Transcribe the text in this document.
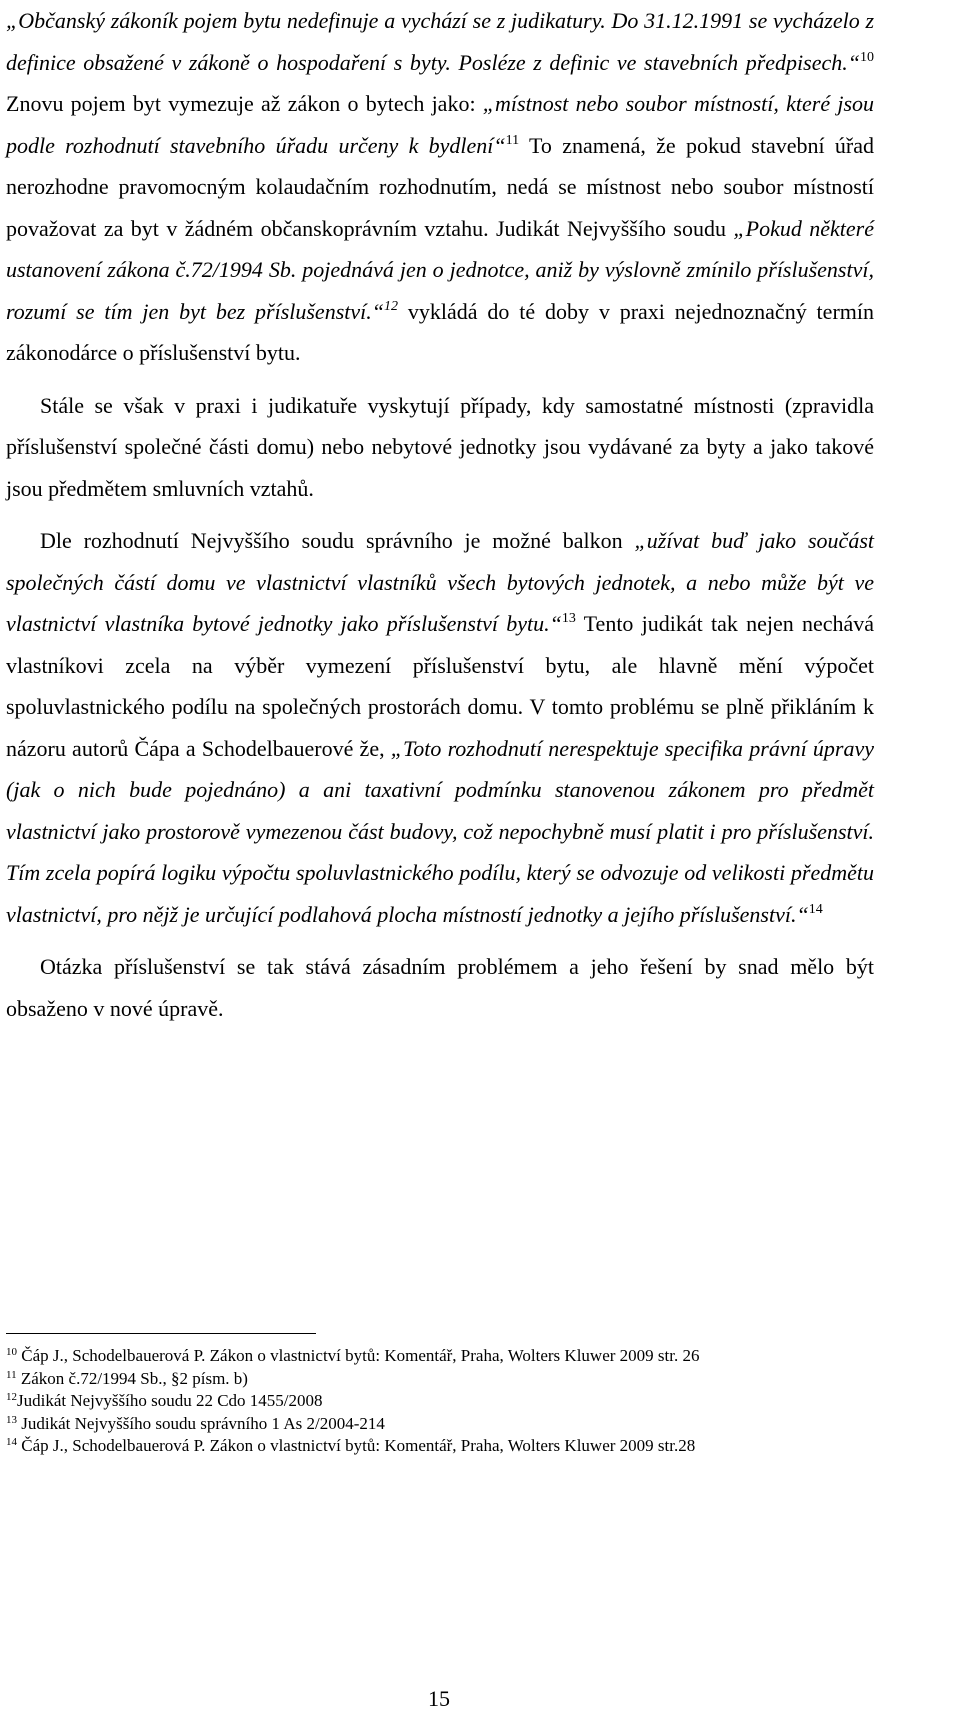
„Občanský zákoník pojem bytu nedefinuje a vychází se z judikatury. Do 31.12.1991 se vycházelo z definice obsažené v zákoně o hospodaření s byty. Posléze z definic ve stavebních předpisech.“$^{10}$ Znovu pojem byt vymezuje až zákon o bytech jako: „místnost nebo soubor místností, které jsou podle rozhodnutí stavebního úřadu určeny k bydlení“$^{11}$ To znamená, že pokud stavební úřad nerozhodne pravomocným kolaudačním rozhodnutím, nedá se místnost nebo soubor místností považovat za byt v žádném občanskoprávním vztahu. Judikát Nejvyššího soudu „Pokud některé ustanovení zákona č.72/1994 Sb. pojednává jen o jednotce, aniž by výslovně zmínilo příslušenství, rozumí se tím jen byt bez příslušenství.“$^{12}$ vykládá do té doby v praxi nejednoznačný termín zákonodárce o příslušenství bytu.

Stále se však v praxi i judikatuře vyskytují případy, kdy samostatné místnosti (zpravidla příslušenství společné části domu) nebo nebytové jednotky jsou vydávané za byty a jako takové jsou předmětem smluvních vztahů.

Dle rozhodnutí Nejvyššího soudu správního je možné balkon „užívat buď jako součást společných částí domu ve vlastnictví vlastníků všech bytových jednotek, a nebo může být ve vlastnictví vlastníka bytové jednotky jako příslušenství bytu.“$^{13}$ Tento judikát tak nejen nechává vlastníkovi zcela na výběr vymezení příslušenství bytu, ale hlavně mění výpočet spoluvlastnického podílu na společných prostorách domu. V tomto problému se plně přikláním k názoru autorů Čápa a Schodelbauerové že, „Toto rozhodnutí nerespektuje specifika právní úpravy (jak o nich bude pojednáno) a ani taxativní podmínku stanovenou zákonem pro předmět vlastnictví jako prostorově vymezenou část budovy, což nepochybně musí platit i pro příslušenství. Tím zcela popírá logiku výpočtu spoluvlastnického podílu, který se odvozuje od velikosti předmětu vlastnictví, pro nějž je určující podlahová plocha místností jednotky a jejího příslušenství.“$^{14}$

Otázka příslušenství se tak stává zásadním problémem a jeho řešení by snad mělo být obsaženo v nové úpravě.

$^{10}$ Čáp J., Schodelbauerová P. Zákon o vlastnictví bytů: Komentář, Praha, Wolters Kluwer 2009 str. 26
$^{11}$ Zákon č.72/1994 Sb., §2 písm. b)
$^{12}$Judikát Nejvyššího soudu 22 Cdo 1455/2008
$^{13}$ Judikát Nejvyššího soudu správního 1 As 2/2004-214
$^{14}$ Čáp J., Schodelbauerová P. Zákon o vlastnictví bytů: Komentář, Praha, Wolters Kluwer 2009 str.28
15
